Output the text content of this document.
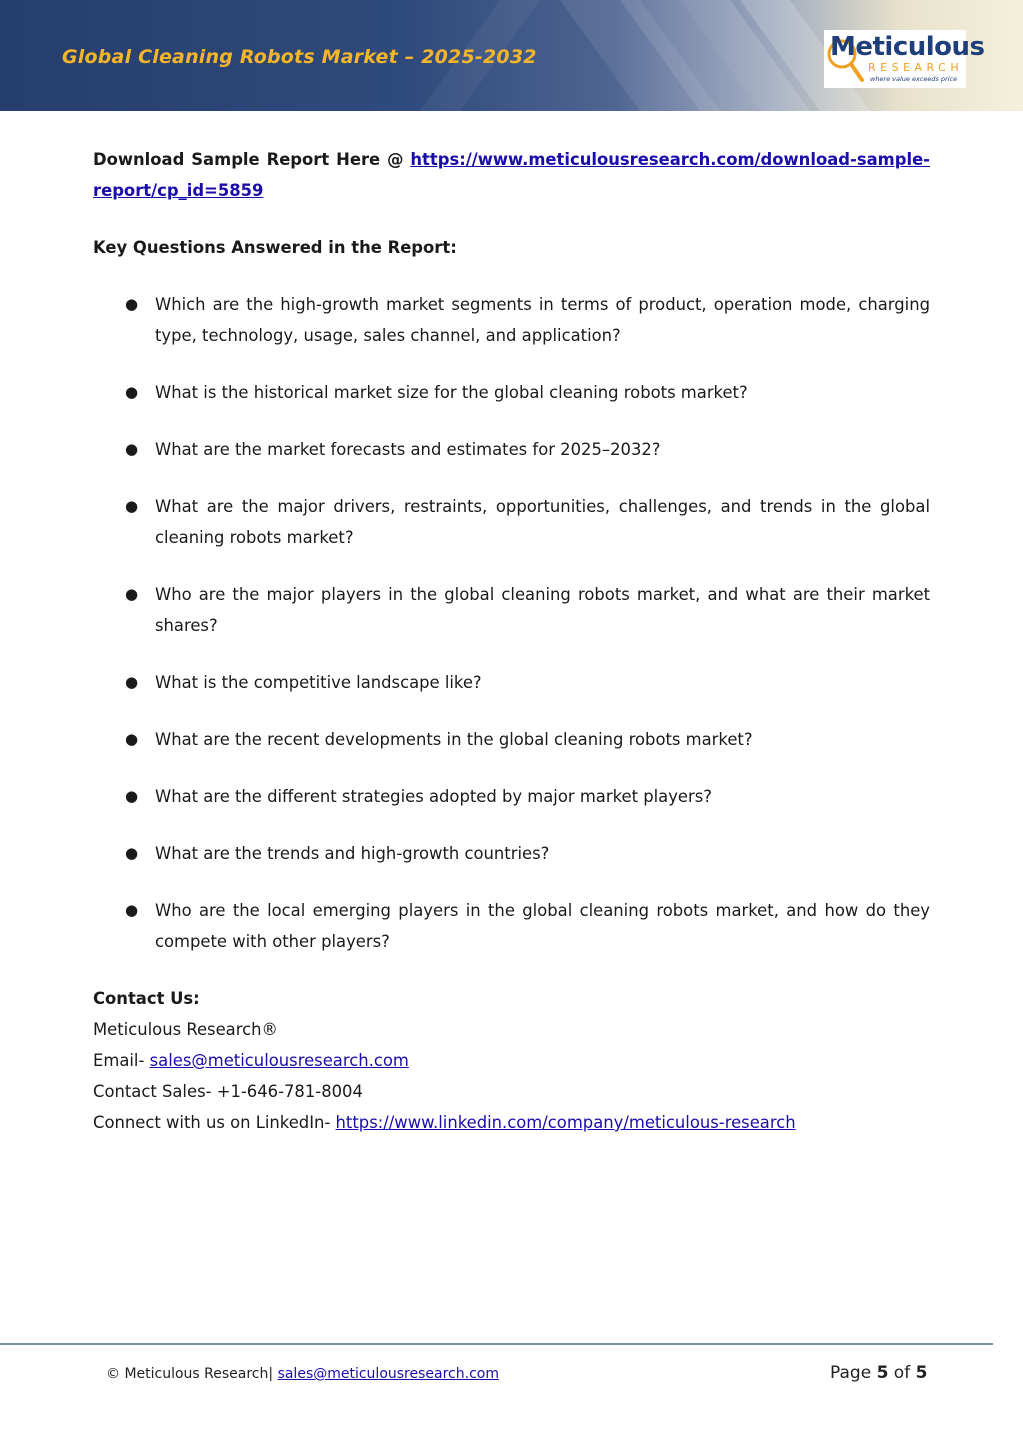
Global Cleaning Robots Market – 2025-2032	Meticulous
RESEARCH
where value exceeds price

Download Sample Report Here @ https://www.meticulousresearch.com/download-sample-report/cp_id=5859

Key Questions Answered in the Report:

● Which are the high-growth market segments in terms of product, operation mode, charging type, technology, usage, sales channel, and application?
● What is the historical market size for the global cleaning robots market?
● What are the market forecasts and estimates for 2025–2032?
● What are the major drivers, restraints, opportunities, challenges, and trends in the global cleaning robots market?
● Who are the major players in the global cleaning robots market, and what are their market shares?
● What is the competitive landscape like?
● What are the recent developments in the global cleaning robots market?
● What are the different strategies adopted by major market players?
● What are the trends and high-growth countries?
● Who are the local emerging players in the global cleaning robots market, and how do they compete with other players?
Contact Us:
Meticulous Research®
Email- sales@meticulousresearch.com
Contact Sales- +1-646-781-8004
Connect with us on LinkedIn- https://www.linkedin.com/company/meticulous-research
© Meticulous Research| sales@meticulousresearch.com	Page 5 of 5
